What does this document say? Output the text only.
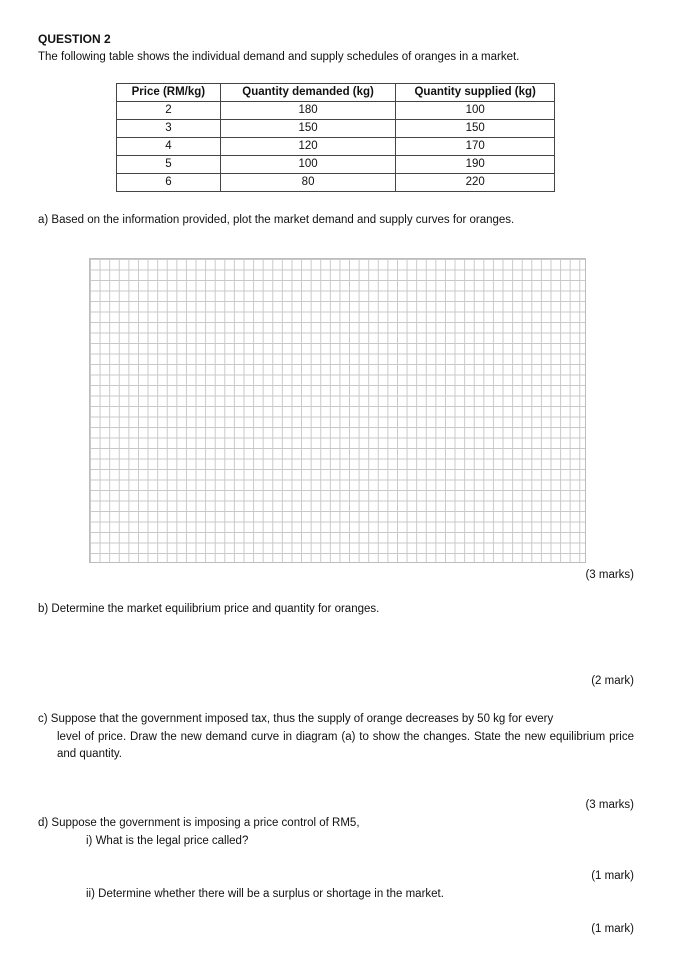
QUESTION 2
The following table shows the individual demand and supply schedules of oranges in a market.
Price (RM/kg)	Quantity demanded (kg)	Quantity supplied (kg)
2	180	100
3	150	150
4	120	170
5	100	190
6	80	220
a) Based on the information provided, plot the market demand and supply curves for oranges.
(3 marks)
b) Determine the market equilibrium price and quantity for oranges.
(2 mark)
c) Suppose that the government imposed tax, thus the supply of orange decreases by 50 kg for every
level of price. Draw the new demand curve in diagram (a) to show the changes. State the new equilibrium price and quantity.
(3 marks)
d) Suppose the government is imposing a price control of RM5,
i) What is the legal price called?
(1 mark)
ii) Determine whether there will be a surplus or shortage in the market.
(1 mark)
